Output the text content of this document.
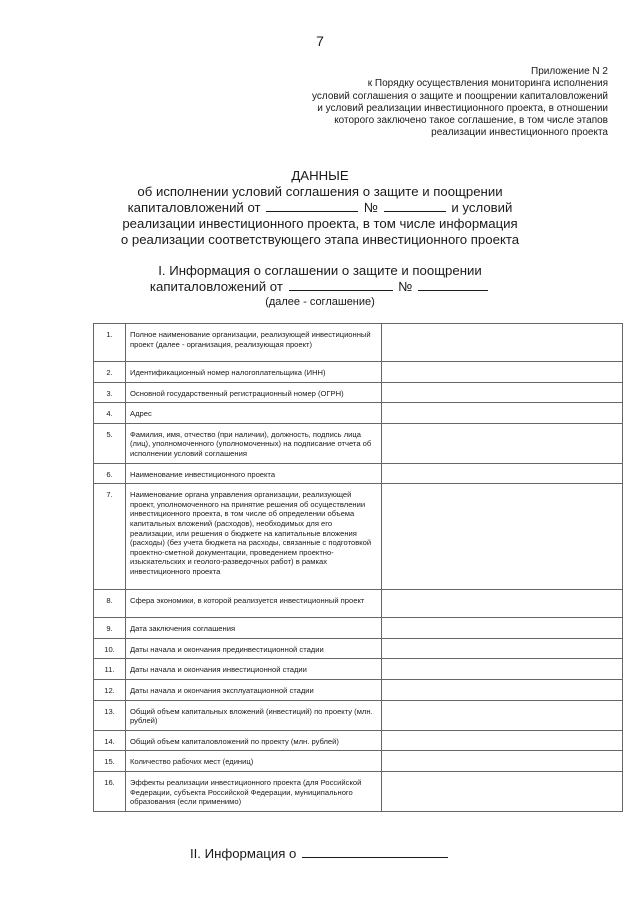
7
Приложение N 2
к Порядку осуществления мониторинга исполнения
условий соглашения о защите и поощрении капиталовложений
и условий реализации инвестиционного проекта, в отношении
которого заключено такое соглашение, в том числе этапов
реализации инвестиционного проекта
ДАННЫЕ
об исполнении условий соглашения о защите и поощрении
капиталовложений от	№	и условий
реализации инвестиционного проекта, в том числе информация
о реализации соответствующего этапа инвестиционного проекта
I. Информация о соглашении о защите и поощрении
капиталовложений от	№
(далее - соглашение)
1.	Полное наименование организации, реализующей инвестиционный проект (далее - организация, реализующая проект)	
2.	Идентификационный номер налогоплательщика (ИНН)	
3.	Основной государственный регистрационный номер (ОГРН)	
4.	Адрес	
5.	Фамилия, имя, отчество (при наличии), должность, подпись лица (лиц), уполномоченного (уполномоченных) на подписание отчета об исполнении условий соглашения	
6.	Наименование инвестиционного проекта	
7.	Наименование органа управления организации, реализующей проект, уполномоченного на принятие решения об осуществлении инвестиционного проекта, в том числе об определении объема капитальных вложений (расходов), необходимых для его реализации, или решения о бюджете на капитальные вложения (расходы) (без учета бюджета на расходы, связанные с подготовкой проектно-сметной документации, проведением проектно-изыскательских и геолого-разведочных работ) в рамках инвестиционного проекта	
8.	Сфера экономики, в которой реализуется инвестиционный проект	
9.	Дата заключения соглашения	
10.	Даты начала и окончания прединвестиционной стадии	
11.	Даты начала и окончания инвестиционной стадии	
12.	Даты начала и окончания эксплуатационной стадии	
13.	Общий объем капитальных вложений (инвестиций) по проекту (млн. рублей)	
14.	Общий объем капиталовложений по проекту (млн. рублей)	
15.	Количество рабочих мест (единиц)	
16.	Эффекты реализации инвестиционного проекта (для Российской Федерации, субъекта Российской Федерации, муниципального образования (если применимо)	
II. Информация о
